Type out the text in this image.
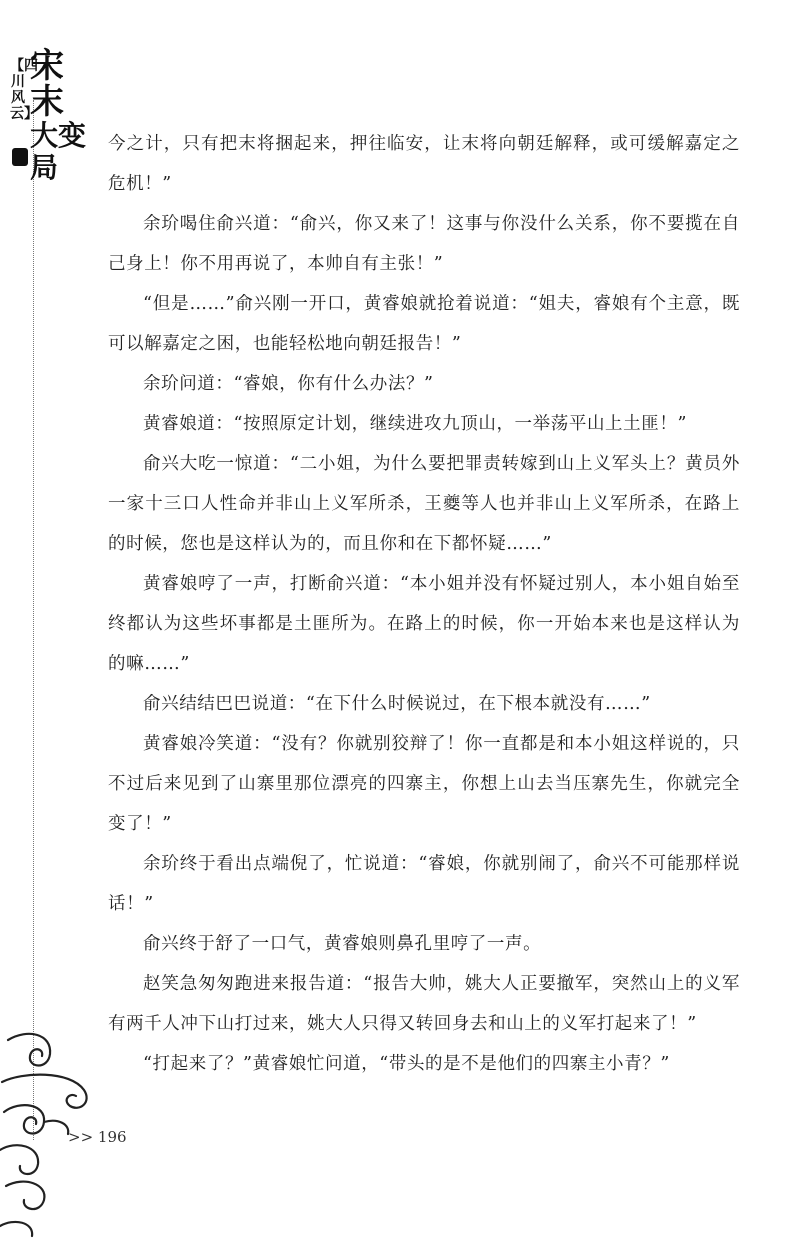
【四川风云】
宋末
大变局

今之计，只有把末将捆起来，押往临安，让末将向朝廷解释，或可缓解嘉定之危机！”

余玠喝住俞兴道：“俞兴，你又来了！这事与你没什么关系，你不要揽在自己身上！你不用再说了，本帅自有主张！”

“但是……”俞兴刚一开口，黄睿娘就抢着说道：“姐夫，睿娘有个主意，既可以解嘉定之困，也能轻松地向朝廷报告！”

余玠问道：“睿娘，你有什么办法？”

黄睿娘道：“按照原定计划，继续进攻九顶山，一举荡平山上土匪！”

俞兴大吃一惊道：“二小姐，为什么要把罪责转嫁到山上义军头上？黄员外一家十三口人性命并非山上义军所杀，王夔等人也并非山上义军所杀，在路上的时候，您也是这样认为的，而且你和在下都怀疑……”

黄睿娘哼了一声，打断俞兴道：“本小姐并没有怀疑过别人，本小姐自始至终都认为这些坏事都是土匪所为。在路上的时候，你一开始本来也是这样认为的嘛……”

俞兴结结巴巴说道：“在下什么时候说过，在下根本就没有……”

黄睿娘冷笑道：“没有？你就别狡辩了！你一直都是和本小姐这样说的，只不过后来见到了山寨里那位漂亮的四寨主，你想上山去当压寨先生，你就完全变了！”

余玠终于看出点端倪了，忙说道：“睿娘，你就别闹了，俞兴不可能那样说话！”

俞兴终于舒了一口气，黄睿娘则鼻孔里哼了一声。

赵笑急匆匆跑进来报告道：“报告大帅，姚大人正要撤军，突然山上的义军有两千人冲下山打过来，姚大人只得又转回身去和山上的义军打起来了！”

“打起来了？”黄睿娘忙问道，“带头的是不是他们的四寨主小青？”

>> 196
